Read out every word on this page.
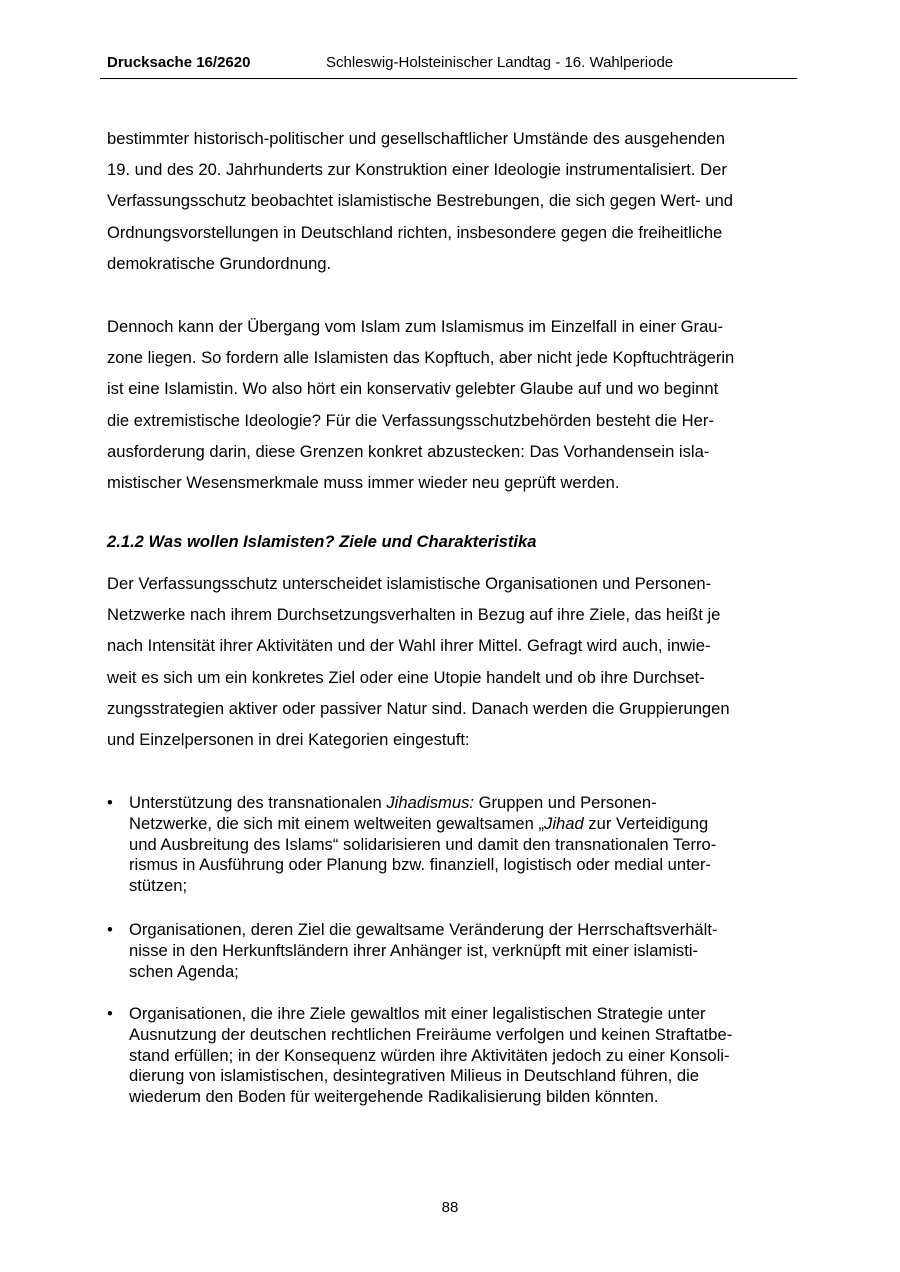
Drucksache 16/2620	Schleswig-Holsteinischer Landtag - 16. Wahlperiode

bestimmter historisch-politischer und gesellschaftlicher Umstände des ausgehenden
19. und des 20. Jahrhunderts zur Konstruktion einer Ideologie instrumentalisiert. Der
Verfassungsschutz beobachtet islamistische Bestrebungen, die sich gegen Wert- und
Ordnungsvorstellungen in Deutschland richten, insbesondere gegen die freiheitliche
demokratische Grundordnung.

Dennoch kann der Übergang vom Islam zum Islamismus im Einzelfall in einer Grau-
zone liegen. So fordern alle Islamisten das Kopftuch, aber nicht jede Kopftuchträgerin
ist eine Islamistin. Wo also hört ein konservativ gelebter Glaube auf und wo beginnt
die extremistische Ideologie? Für die Verfassungsschutzbehörden besteht die Her-
ausforderung darin, diese Grenzen konkret abzustecken: Das Vorhandensein isla-
mistischer Wesensmerkmale muss immer wieder neu geprüft werden.

2.1.2 Was wollen Islamisten? Ziele und Charakteristika

Der Verfassungsschutz unterscheidet islamistische Organisationen und Personen-
Netzwerke nach ihrem Durchsetzungsverhalten in Bezug auf ihre Ziele, das heißt je
nach Intensität ihrer Aktivitäten und der Wahl ihrer Mittel. Gefragt wird auch, inwie-
weit es sich um ein konkretes Ziel oder eine Utopie handelt und ob ihre Durchset-
zungsstrategien aktiver oder passiver Natur sind. Danach werden die Gruppierungen
und Einzelpersonen in drei Kategorien eingestuft:

• Unterstützung des transnationalen Jihadismus: Gruppen und Personen-
Netzwerke, die sich mit einem weltweiten gewaltsamen „Jihad zur Verteidigung
und Ausbreitung des Islams“ solidarisieren und damit den transnationalen Terro-
rismus in Ausführung oder Planung bzw. finanziell, logistisch oder medial unter-
stützen;
• Organisationen, deren Ziel die gewaltsame Veränderung der Herrschaftsverhält-
nisse in den Herkunftsländern ihrer Anhänger ist, verknüpft mit einer islamisti-
schen Agenda;
• Organisationen, die ihre Ziele gewaltlos mit einer legalistischen Strategie unter
Ausnutzung der deutschen rechtlichen Freiräume verfolgen und keinen Straftatbe-
stand erfüllen; in der Konsequenz würden ihre Aktivitäten jedoch zu einer Konsoli-
dierung von islamistischen, desintegrativen Milieus in Deutschland führen, die
wiederum den Boden für weitergehende Radikalisierung bilden könnten.
88
